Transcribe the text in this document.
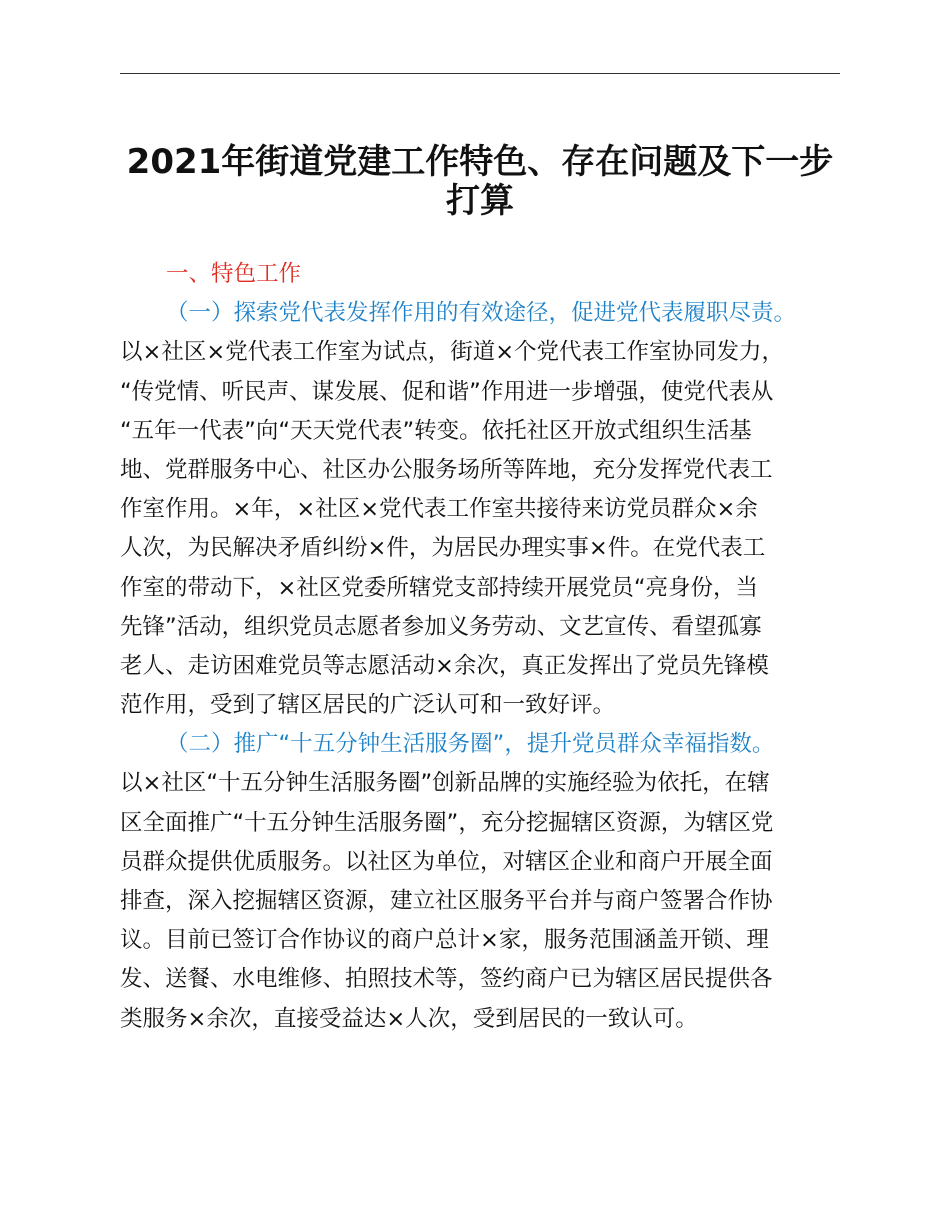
2021年街道党建工作特色、存在问题及下一步
打算
一、特色工作
（一）探索党代表发挥作用的有效途径，促进党代表履职尽责。
以×社区×党代表工作室为试点，街道×个党代表工作室协同发力，
“传党情、听民声、谋发展、促和谐”作用进一步增强，使党代表从
“五年一代表”向“天天党代表”转变。依托社区开放式组织生活基
地、党群服务中心、社区办公服务场所等阵地，充分发挥党代表工
作室作用。×年，×社区×党代表工作室共接待来访党员群众×余
人次，为民解决矛盾纠纷×件，为居民办理实事×件。在党代表工
作室的带动下，×社区党委所辖党支部持续开展党员“亮身份，当
先锋”活动，组织党员志愿者参加义务劳动、文艺宣传、看望孤寡
老人、走访困难党员等志愿活动×余次，真正发挥出了党员先锋模
范作用，受到了辖区居民的广泛认可和一致好评。
（二）推广“十五分钟生活服务圈”，提升党员群众幸福指数。
以×社区“十五分钟生活服务圈”创新品牌的实施经验为依托，在辖
区全面推广“十五分钟生活服务圈”，充分挖掘辖区资源，为辖区党
员群众提供优质服务。以社区为单位，对辖区企业和商户开展全面
排查，深入挖掘辖区资源，建立社区服务平台并与商户签署合作协
议。目前已签订合作协议的商户总计×家，服务范围涵盖开锁、理
发、送餐、水电维修、拍照技术等，签约商户已为辖区居民提供各
类服务×余次，直接受益达×人次，受到居民的一致认可。
